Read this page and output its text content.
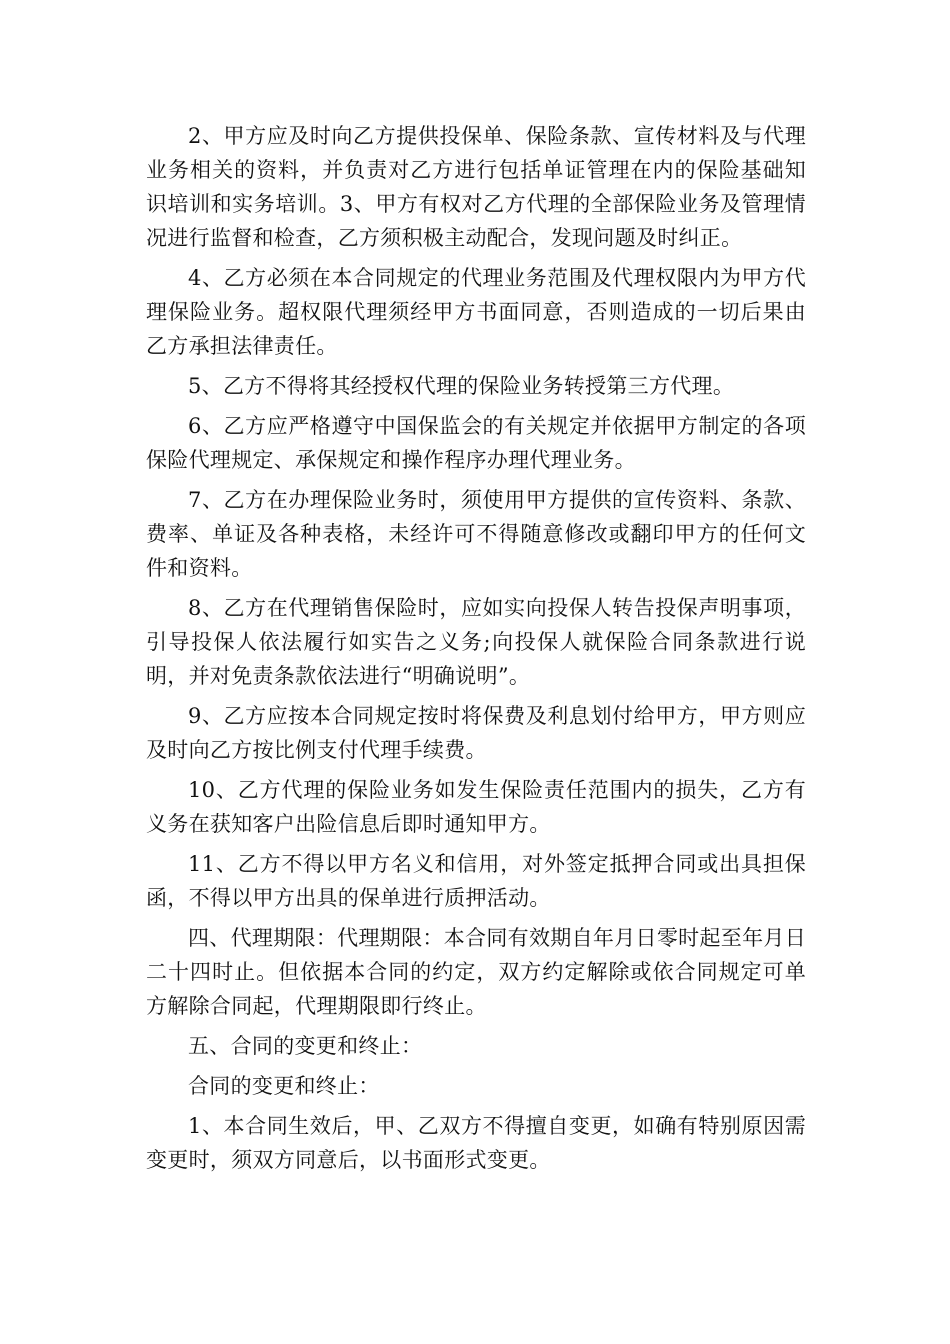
2、甲方应及时向乙方提供投保单、保险条款、宣传材料及与代理业务相关的资料，并负责对乙方进行包括单证管理在内的保险基础知识培训和实务培训。3、甲方有权对乙方代理的全部保险业务及管理情况进行监督和检查，乙方须积极主动配合，发现问题及时纠正。

4、乙方必须在本合同规定的代理业务范围及代理权限内为甲方代理保险业务。超权限代理须经甲方书面同意，否则造成的一切后果由乙方承担法律责任。

5、乙方不得将其经授权代理的保险业务转授第三方代理。

6、乙方应严格遵守中国保监会的有关规定并依据甲方制定的各项保险代理规定、承保规定和操作程序办理代理业务。

7、乙方在办理保险业务时，须使用甲方提供的宣传资料、条款、费率、单证及各种表格，未经许可不得随意修改或翻印甲方的任何文件和资料。

8、乙方在代理销售保险时，应如实向投保人转告投保声明事项，引导投保人依法履行如实告之义务;向投保人就保险合同条款进行说明，并对免责条款依法进行“明确说明”。

9、乙方应按本合同规定按时将保费及利息划付给甲方，甲方则应及时向乙方按比例支付代理手续费。

10、乙方代理的保险业务如发生保险责任范围内的损失，乙方有义务在获知客户出险信息后即时通知甲方。

11、乙方不得以甲方名义和信用，对外签定抵押合同或出具担保函，不得以甲方出具的保单进行质押活动。

四、代理期限：代理期限：本合同有效期自年月日零时起至年月日二十四时止。但依据本合同的约定，双方约定解除或依合同规定可单方解除合同起，代理期限即行终止。

五、合同的变更和终止：

合同的变更和终止：

1、本合同生效后，甲、乙双方不得擅自变更，如确有特别原因需变更时，须双方同意后，以书面形式变更。
